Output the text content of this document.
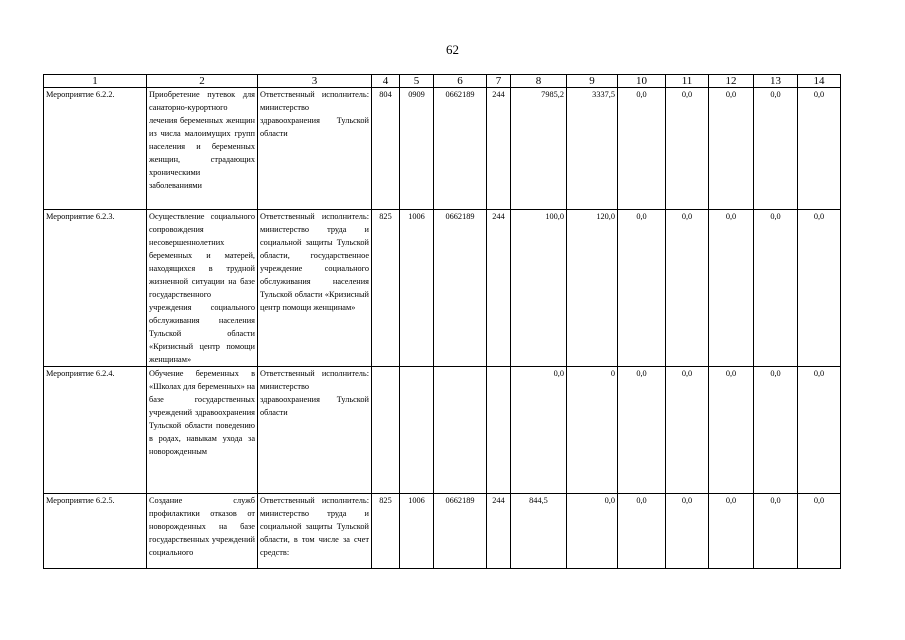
62
1	2	3	4	5	6	7	8	9	10	11	12	13	14
Мероприятие 6.2.2.	Приобретение путевок для санаторно-курортного лечения беременных женщин из числа малоимущих групп населения и беременных женщин, страдающих хроническими заболеваниями	Ответственный исполнитель: министерство здравоохранения Тульской области	804	0909	0662189	244	7985,2	3337,5	0,0	0,0	0,0	0,0	0,0
Мероприятие 6.2.3.	Осуществление социального сопровождения несовершеннолетних беременных и матерей, находящихся в трудной жизненной ситуации на базе государственного учреждения социального обслуживания населения Тульской области «Кризисный центр помощи женщинам»	Ответственный исполнитель: министерство труда и социальной защиты Тульской области, государственное учреждение социального обслуживания населения Тульской области «Кризисный центр помощи женщинам»	825	1006	0662189	244	100,0	120,0	0,0	0,0	0,0	0,0	0,0
Мероприятие 6.2.4.	Обучение беременных в «Школах для беременных» на базе государственных учреждений здравоохранения Тульской области поведению в родах, навыкам ухода за новорожденным	Ответственный исполнитель: министерство здравоохранения Тульской области					0,0	0	0,0	0,0	0,0	0,0	0,0
Мероприятие 6.2.5.	Создание служб профилактики отказов от новорожденных на базе государственных учреждений социального	Ответственный исполнитель: министерство труда и социальной защиты Тульской области, в том числе за счет средств:	825	1006	0662189	244	844,5	0,0	0,0	0,0	0,0	0,0	0,0
